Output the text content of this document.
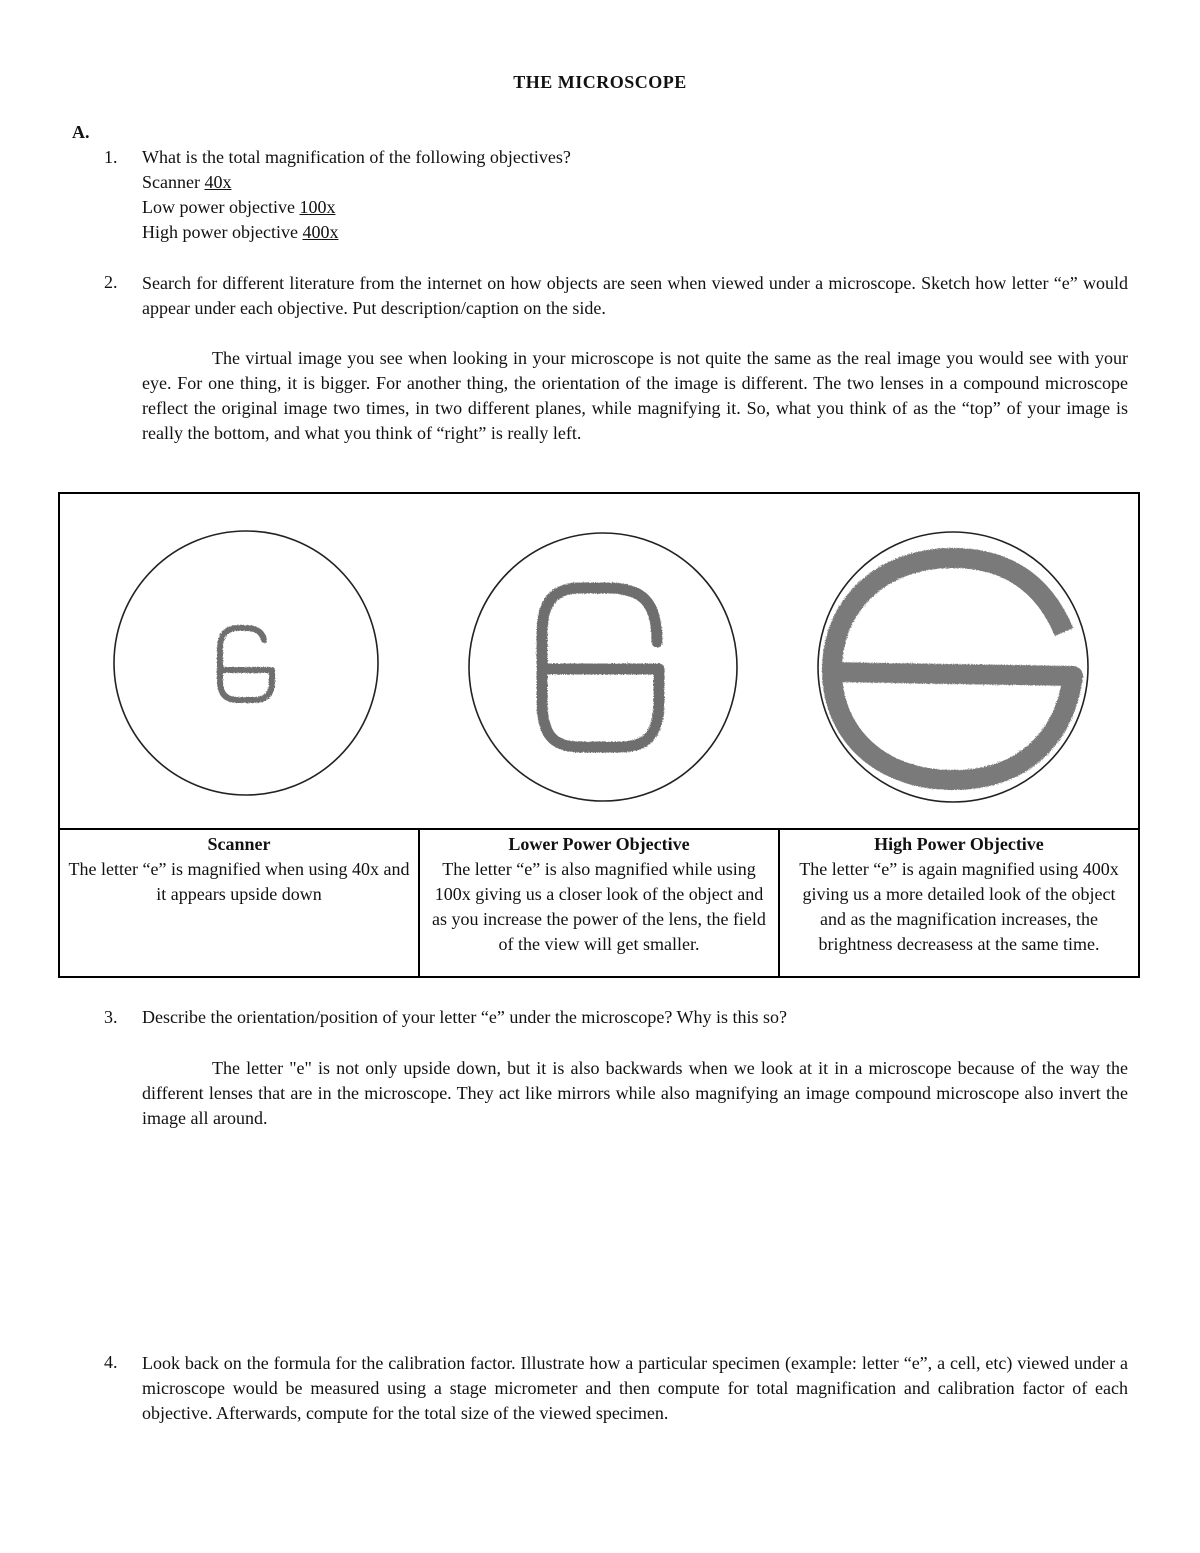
THE MICROSCOPE
A.
1. What is the total magnification of the following objectives?
Scanner 40x
Low power objective 100x
High power objective 400x
2. Search for different literature from the internet on how objects are seen when viewed under a microscope. Sketch how letter “e” would appear under each objective. Put description/caption on the side.
The virtual image you see when looking in your microscope is not quite the same as the real image you would see with your eye. For one thing, it is bigger. For another thing, the orientation of the image is different. The two lenses in a compound microscope reflect the original image two times, in two different planes, while magnifying it. So, what you think of as the “top” of your image is really the bottom, and what you think of “right” is really left.
Scanner
The letter “e” is magnified when using 40x and it appears upside down
Lower Power Objective
The letter “e” is also magnified while using 100x giving us a closer look of the object and as you increase the power of the lens, the field of the view will get smaller.
High Power Objective
The letter “e” is again magnified using 400x giving us a more detailed look of the object and as the magnification increases, the brightness decreasess at the same time.
3. Describe the orientation/position of your letter “e” under the microscope? Why is this so?
The letter "e" is not only upside down, but it is also backwards when we look at it in a microscope because of the way the different lenses that are in the microscope. They act like mirrors while also magnifying an image compound microscope also invert the image all around.
4. Look back on the formula for the calibration factor. Illustrate how a particular specimen (example: letter “e”, a cell, etc) viewed under a microscope would be measured using a stage micrometer and then compute for total magnification and calibration factor of each objective. Afterwards, compute for the total size of the viewed specimen.
